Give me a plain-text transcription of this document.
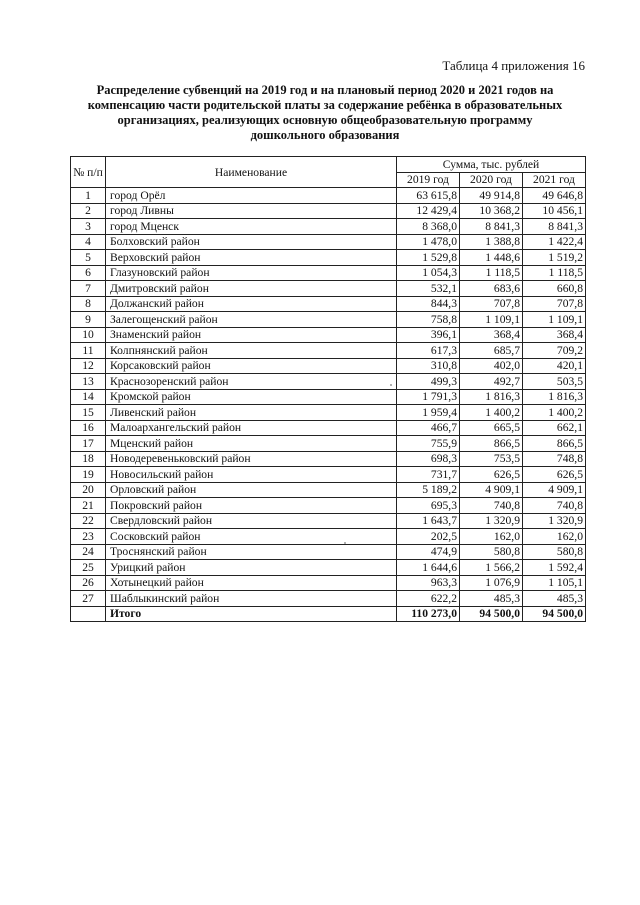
Таблица 4 приложения 16
Распределение субвенций на 2019 год и на плановый период 2020 и 2021 годов на компенсацию части родительской платы за содержание ребёнка в образовательных организациях, реализующих основную общеобразовательную программу дошкольного образования
№ п/п	Наименование	Сумма, тыс. рублей		
		2019 год	2020 год	2021 год
1	город Орёл	63 615,8	49 914,8	49 646,8
2	город Ливны	12 429,4	10 368,2	10 456,1
3	город Мценск	8 368,0	8 841,3	8 841,3
4	Болховский район	1 478,0	1 388,8	1 422,4
5	Верховский район	1 529,8	1 448,6	1 519,2
6	Глазуновский район	1 054,3	1 118,5	1 118,5
7	Дмитровский район	532,1	683,6	660,8
8	Должанский район	844,3	707,8	707,8
9	Залегощенский район	758,8	1 109,1	1 109,1
10	Знаменский район	396,1	368,4	368,4
11	Колпнянский район	617,3	685,7	709,2
12	Корсаковский район	310,8	402,0	420,1
13	Краснозоренский район	499,3	492,7	503,5
14	Кромской район	1 791,3	1 816,3	1 816,3
15	Ливенский район	1 959,4	1 400,2	1 400,2
16	Малоархангельский район	466,7	665,5	662,1
17	Мценский район	755,9	866,5	866,5
18	Новодеревеньковский район	698,3	753,5	748,8
19	Новосильский район	731,7	626,5	626,5
20	Орловский район	5 189,2	4 909,1	4 909,1
21	Покровский район	695,3	740,8	740,8
22	Свердловский район	1 643,7	1 320,9	1 320,9
23	Сосковский район	202,5	162,0	162,0
24	Троснянский район	474,9	580,8	580,8
25	Урицкий район	1 644,6	1 566,2	1 592,4
26	Хотынецкий район	963,3	1 076,9	1 105,1
27	Шаблыкинский район	622,2	485,3	485,3
	Итого	110 273,0	94 500,0	94 500,0
